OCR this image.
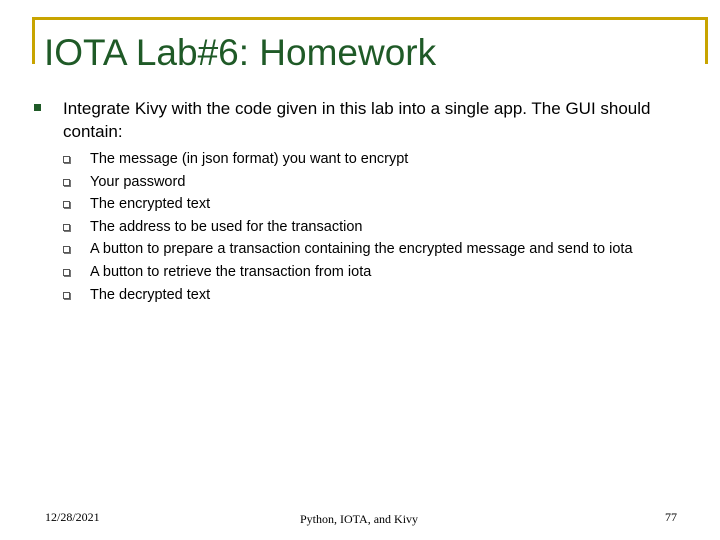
IOTA Lab#6: Homework
Integrate Kivy with the code given in this lab into a single app. The GUI should contain:
The message (in json format) you want to encrypt
Your password
The encrypted text
The address to be used for the transaction
A button to prepare a transaction containing the encrypted message and send to iota
A button to retrieve the transaction from iota
The decrypted text
12/28/2021	Python, IOTA, and Kivy	77
